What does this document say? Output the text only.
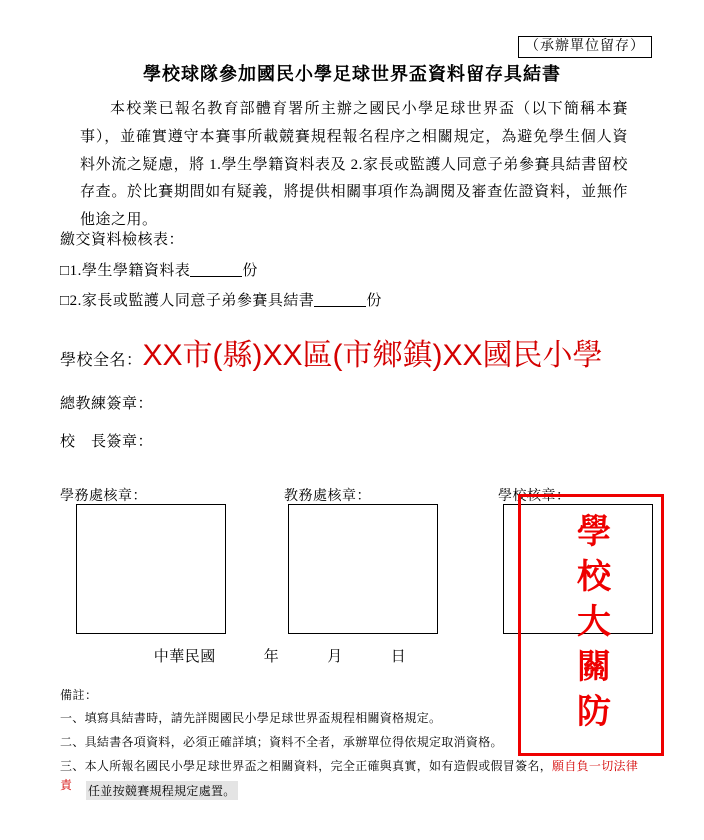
（承辦單位留存）
學校球隊參加國民小學足球世界盃資料留存具結書
本校業已報名教育部體育署所主辦之國民小學足球世界盃（以下簡稱本賽事），並確實遵守本賽事所載競賽規程報名程序之相關規定，為避免學生個人資料外流之疑慮，將 1.學生學籍資料表及 2.家長或監護人同意子弟參賽具結書留校存查。於比賽期間如有疑義，將提供相關事項作為調閱及審查佐證資料，並無作他途之用。
繳交資料檢核表：
□1.學生學籍資料表	份
□2.家長或監護人同意子弟參賽具結書	份
學校全名： XX市(縣)XX區(市鄉鎮)XX國民小學
總教練簽章：
校　長簽章：
學務處核章：	教務處核章：	學校核章：
學
校
大
關
防
中華民國	年	月	日
備註：
一、填寫具結書時，請先詳閱國民小學足球世界盃規程相關資格規定。
二、具結書各項資料，必須正確詳填；資料不全者，承辦單位得依規定取消資格。
三、本人所報名國民小學足球世界盃之相關資料，完全正確與真實，如有造假或假冒簽名，願自負一切法律責	任並按競賽規程規定處置。
